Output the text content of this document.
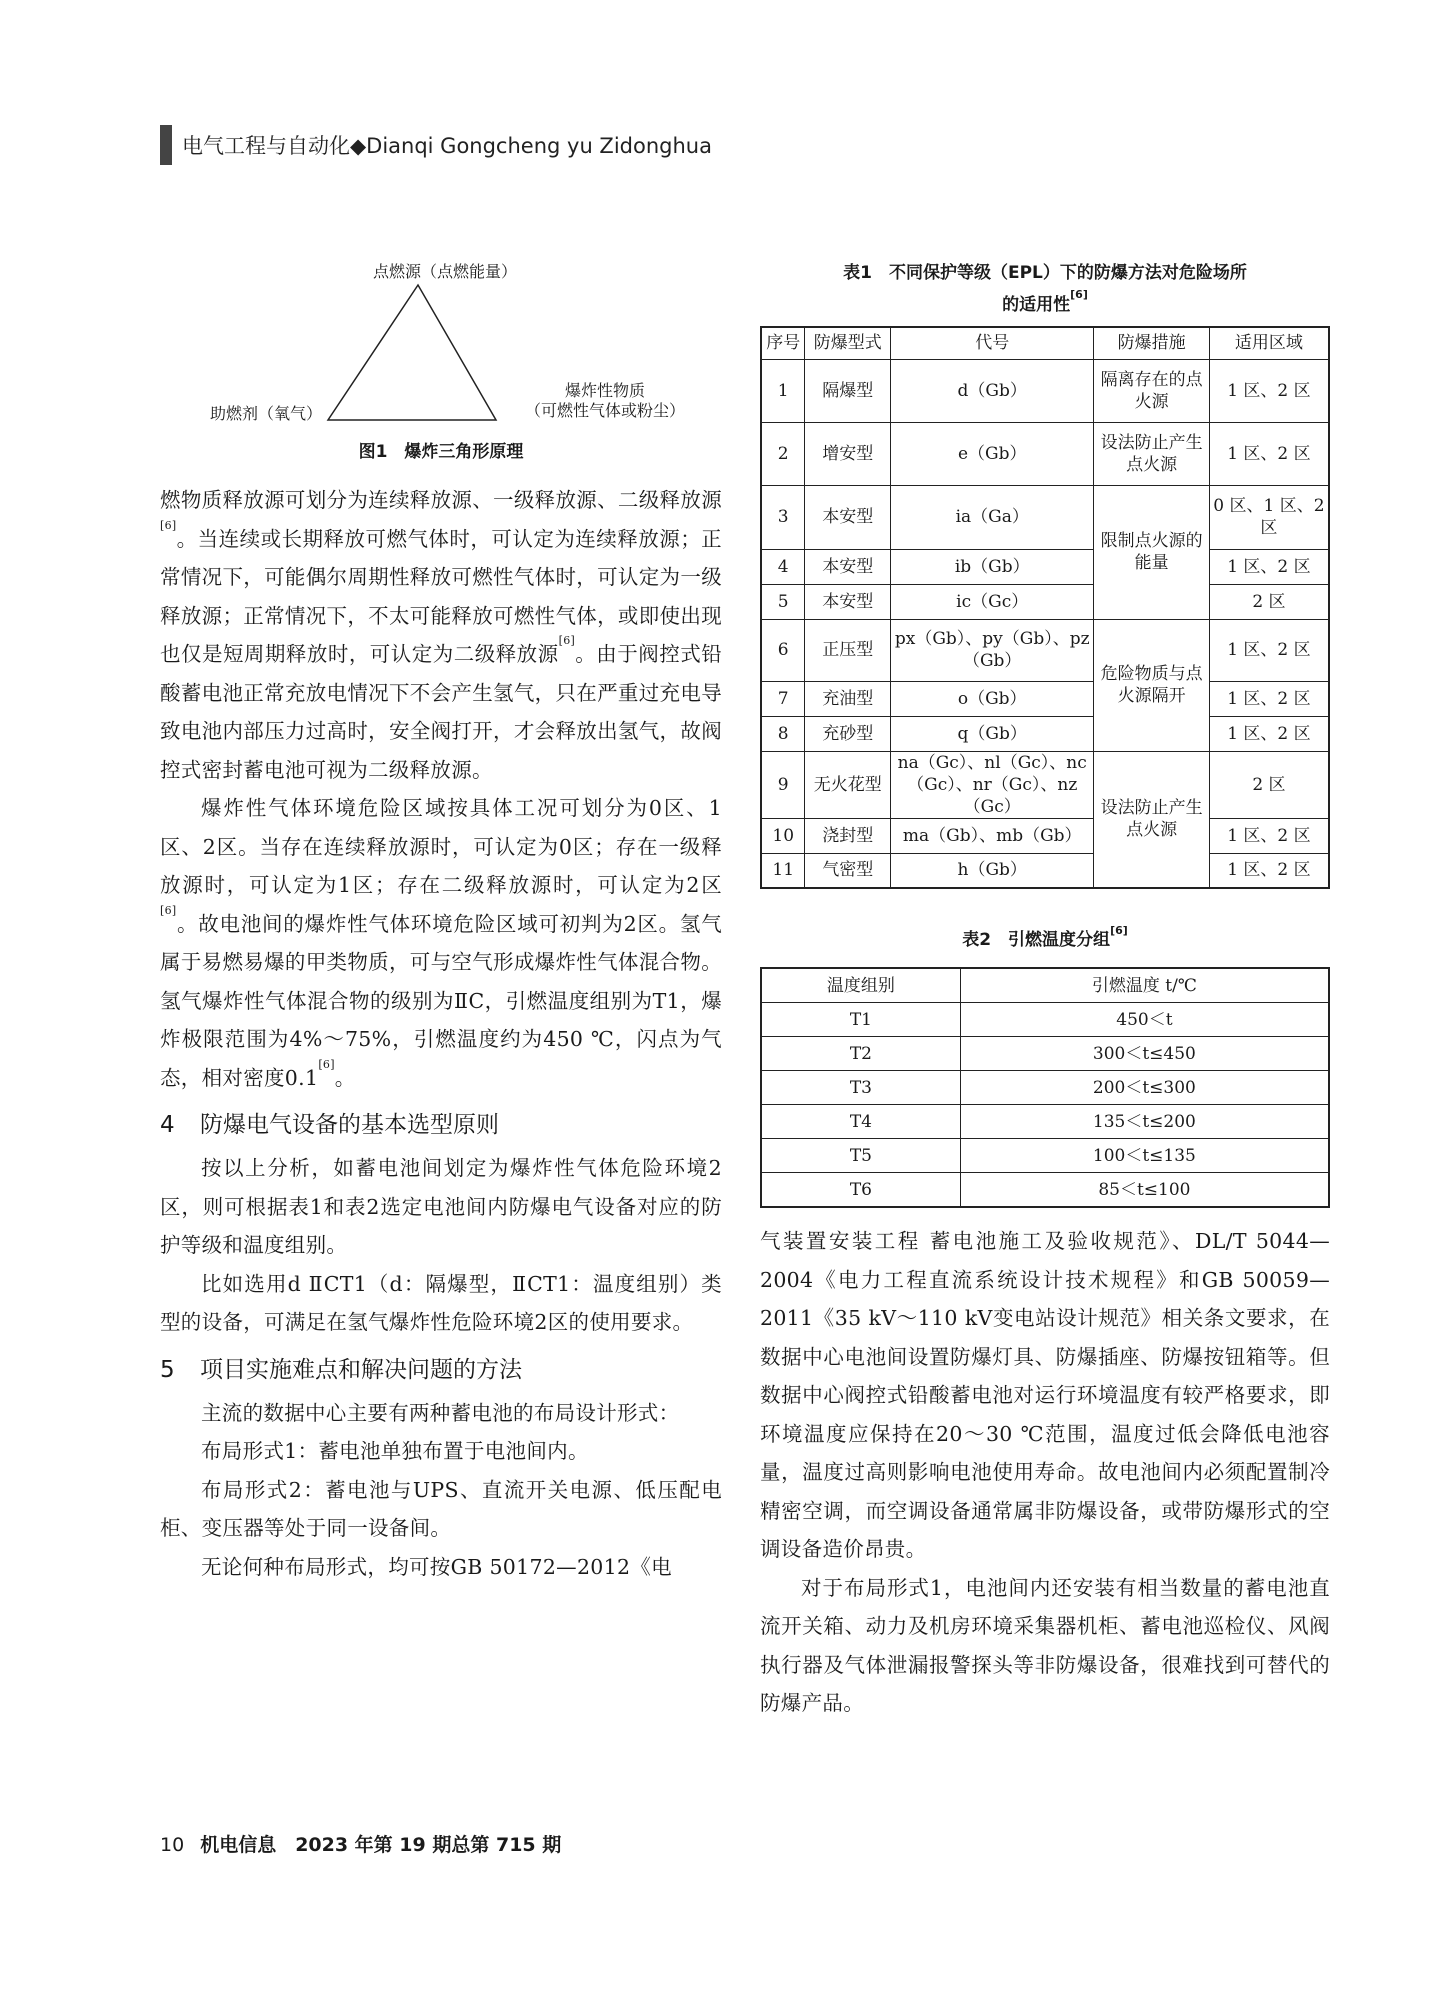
电气工程与自动化◆Dianqi Gongcheng yu Zidonghua
点燃源（点燃能量）
助燃剂（氧气）
爆炸性物质
（可燃性气体或粉尘）
图1　爆炸三角形原理

燃物质释放源可划分为连续释放源、一级释放源、二级释放源[6]。当连续或长期释放可燃气体时，可认定为连续释放源；正常情况下，可能偶尔周期性释放可燃性气体时，可认定为一级释放源；正常情况下，不太可能释放可燃性气体，或即使出现也仅是短周期释放时，可认定为二级释放源[6]。由于阀控式铅酸蓄电池正常充放电情况下不会产生氢气，只在严重过充电导致电池内部压力过高时，安全阀打开，才会释放出氢气，故阀控式密封蓄电池可视为二级释放源。

爆炸性气体环境危险区域按具体工况可划分为0区、1区、2区。当存在连续释放源时，可认定为0区；存在一级释放源时，可认定为1区；存在二级释放源时，可认定为2区[6]。故电池间的爆炸性气体环境危险区域可初判为2区。氢气属于易燃易爆的甲类物质，可与空气形成爆炸性气体混合物。氢气爆炸性气体混合物的级别为ⅡC，引燃温度组别为T1，爆炸极限范围为4%～75%，引燃温度约为450 ℃，闪点为气态，相对密度0.1[6]。

4 防爆电气设备的基本选型原则

按以上分析，如蓄电池间划定为爆炸性气体危险环境2区，则可根据表1和表2选定电池间内防爆电气设备对应的防护等级和温度组别。

比如选用d ⅡCT1（d：隔爆型，ⅡCT1：温度组别）类型的设备，可满足在氢气爆炸性危险环境2区的使用要求。

5 项目实施难点和解决问题的方法

主流的数据中心主要有两种蓄电池的布局设计形式：

布局形式1：蓄电池单独布置于电池间内。

布局形式2：蓄电池与UPS、直流开关电源、低压配电柜、变压器等处于同一设备间。

无论何种布局形式，均可按GB 50172—2012《电

表1　不同保护等级（EPL）下的防爆方法对危险场所
的适用性[6]
序号	防爆型式	代号	防爆措施	适用区域
1	隔爆型	d（Gb）	隔离存在的点火源	1 区、2 区
2	增安型	e（Gb）	设法防止产生点火源	1 区、2 区
3	本安型	ia（Ga）	限制点火源的能量	0 区、1 区、2 区
4	本安型	ib（Gb）		1 区、2 区
5	本安型	ic（Gc）		2 区
6	正压型	px（Gb）、py（Gb）、pz（Gb）	危险物质与点火源隔开	1 区、2 区
7	充油型	o（Gb）		1 区、2 区
8	充砂型	q（Gb）		1 区、2 区
9	无火花型	na（Gc）、nl（Gc）、nc（Gc）、nr（Gc）、nz（Gc）	设法防止产生点火源	2 区
10	浇封型	ma（Gb）、mb（Gb）		1 区、2 区
11	气密型	h（Gb）		1 区、2 区
表2　引燃温度分组[6]
温度组别	引燃温度 t/℃
T1	450＜t
T2	300＜t≤450
T3	200＜t≤300
T4	135＜t≤200
T5	100＜t≤135
T6	85＜t≤100

气装置安装工程 蓄电池施工及验收规范》、DL/T 5044—2004《电力工程直流系统设计技术规程》和GB 50059—2011《35 kV～110 kV变电站设计规范》相关条文要求，在数据中心电池间设置防爆灯具、防爆插座、防爆按钮箱等。但数据中心阀控式铅酸蓄电池对运行环境温度有较严格要求，即环境温度应保持在20～30 ℃范围，温度过低会降低电池容量，温度过高则影响电池使用寿命。故电池间内必须配置制冷精密空调，而空调设备通常属非防爆设备，或带防爆形式的空调设备造价昂贵。

对于布局形式1，电池间内还安装有相当数量的蓄电池直流开关箱、动力及机房环境采集器机柜、蓄电池巡检仪、风阀执行器及气体泄漏报警探头等非防爆设备，很难找到可替代的防爆产品。

10 机电信息　2023 年第 19 期总第 715 期
